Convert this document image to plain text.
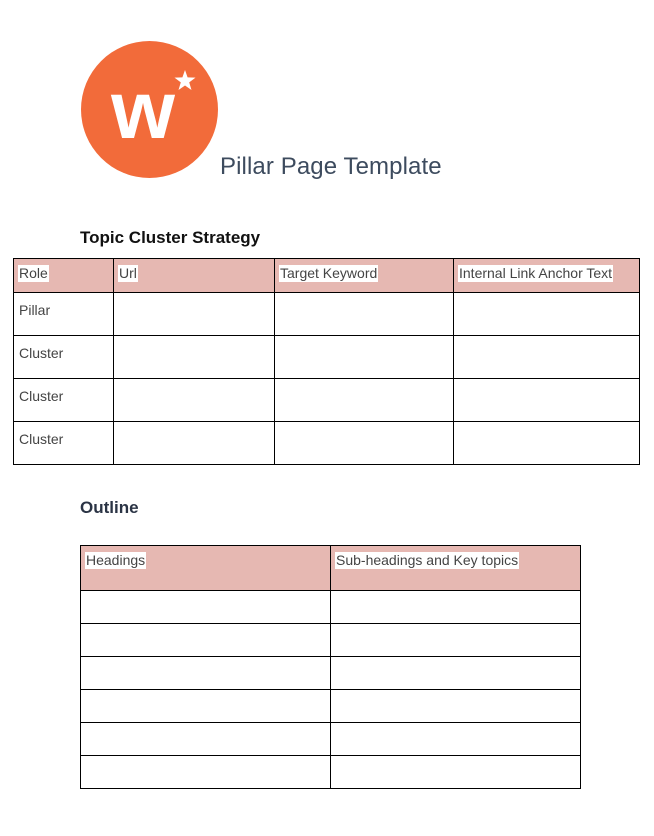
w
Pillar Page Template
Topic Cluster Strategy
Role	Url	Target Keyword	Internal Link Anchor Text
Pillar			
Cluster			
Cluster			
Cluster			
Outline
Headings	Sub-headings and Key topics
